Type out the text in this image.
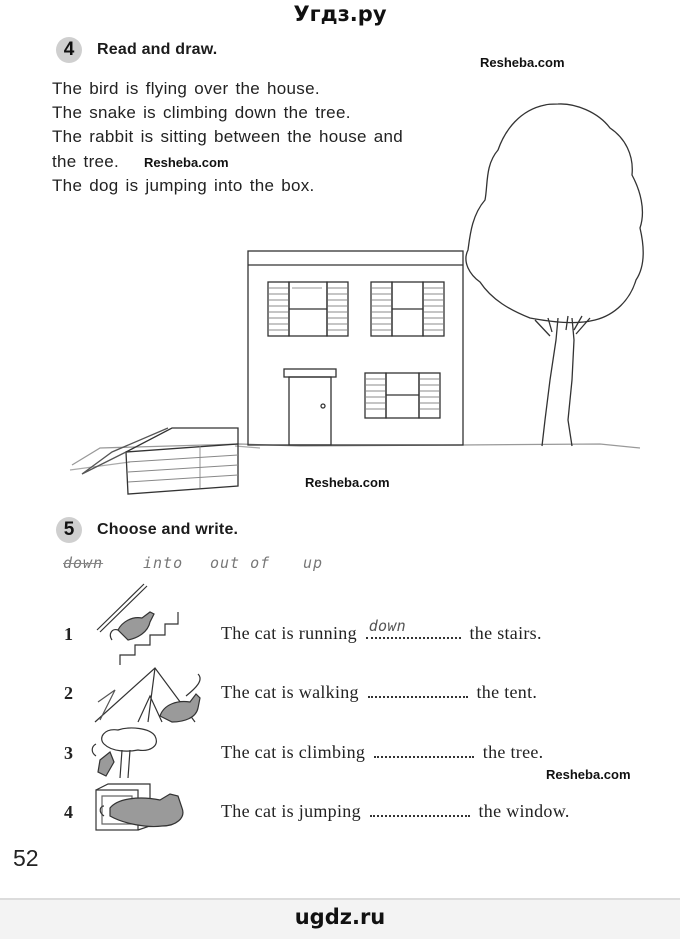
Угдз.ру
4	Read and draw.
Resheba.com
The bird is flying over the house.
The snake is climbing down the tree.
The rabbit is sitting between the house and
the tree.
The dog is jumping into the box.
Resheba.com
Resheba.com
5	Choose and write.
down	into out of up
1	The cat is running down	the stairs.
2	The cat is walking	the tent.
3	The cat is climbing	the tree.
Resheba.com
4	The cat is jumping	the window.
52
ugdz.ru
